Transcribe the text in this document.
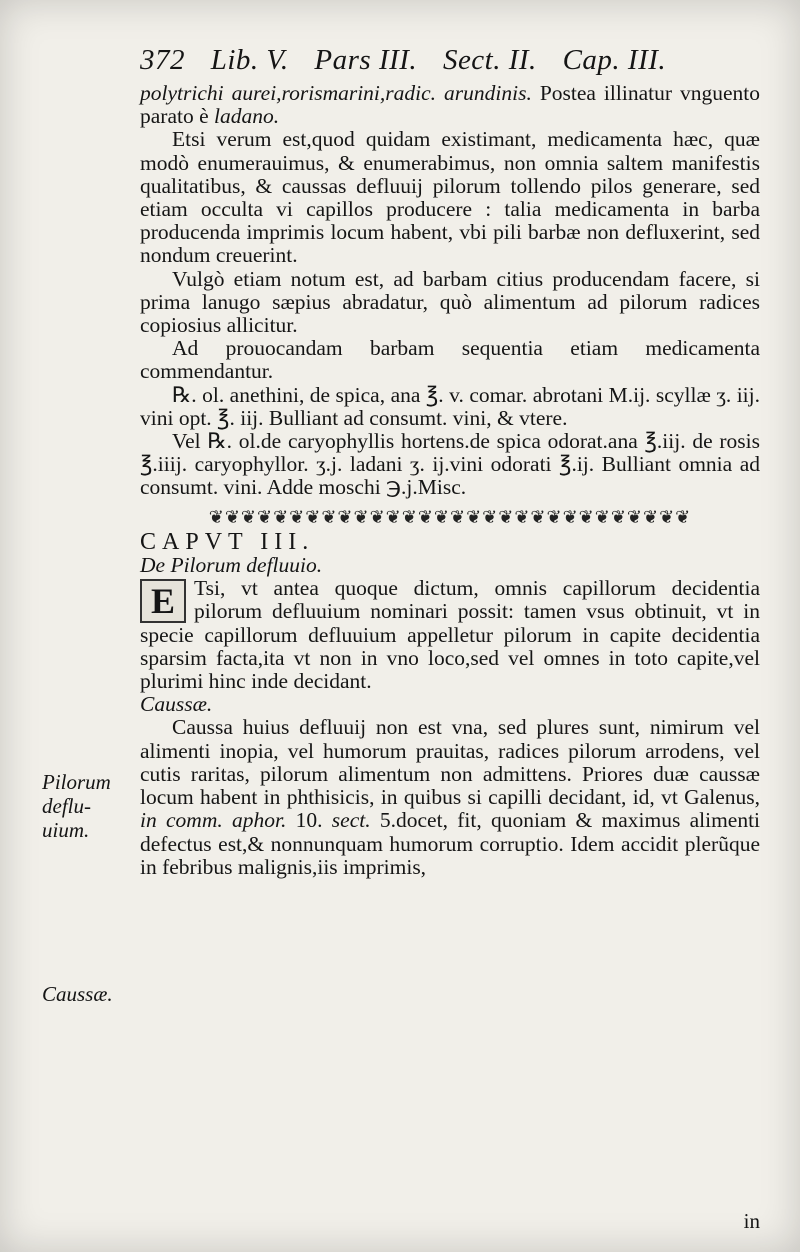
372 Lib. V. Pars III. Sect. II. Cap. III.

polytrichi aurei,rorismarini,radic. arundinis. Postea illinatur vnguento parato è ladano.

Etsi verum est,quod quidam existimant, medicamenta hæc, quæ modò enumerauimus, & enumerabimus, non omnia saltem manifestis qualitatibus, & caussas defluuij pilorum tollendo pilos generare, sed etiam occulta vi capillos producere : talia medicamenta in barba producenda imprimis locum habent, vbi pili barbæ non defluxerint, sed nondum creuerint.

Vulgò etiam notum est, ad barbam citius producendam facere, si prima lanugo sæpius abradatur, quò alimentum ad pilorum radices copiosius allicitur.

Ad prouocandam barbam sequentia etiam medicamenta commendantur.

℞. ol. anethini, de spica, ana ℥. v. comar. abrotani M.ij. scyllæ ʒ. iij. vini opt. ℥. iij. Bulliant ad consumt. vini, & vtere.

Vel ℞. ol.de caryophyllis hortens.de spica odorat.ana ℥.iij. de rosis ℥.iiij. caryophyllor. ʒ.j. ladani ʒ. ij.vini odorati ℥.ij. Bulliant omnia ad consumt. vini. Adde moschi ℈.j.Misc.

❦❦❦❦❦❦❦❦❦❦❦❦❦❦❦❦❦❦❦❦❦❦❦❦❦❦❦❦❦❦

CAPVT III.

De Pilorum defluuio.

E Tsi, vt antea quoque dictum, omnis capillorum decidentia pilorum defluuium nominari possit: tamen vsus obtinuit, vt in specie capillorum defluuium appelletur pilorum in capite decidentia sparsim facta,ita vt non in vno loco,sed vel omnes in toto capite,vel plurimi hinc inde decidant.

Caussæ.

Caussa huius defluuij non est vna, sed plures sunt, nimirum vel alimenti inopia, vel humorum prauitas, radices pilorum arrodens, vel cutis raritas, pilorum alimentum non admittens. Priores duæ caussæ locum habent in phthisicis, in quibus si capilli decidant, id, vt Galenus, in comm. aphor. 10. sect. 5.docet, fit, quoniam & maximus alimenti defectus est,& nonnunquam humorum corruptio. Idem accidit plerũque in febribus malignis,iis imprimis,

Pilorum deflu- uium.
Caussæ.
in
